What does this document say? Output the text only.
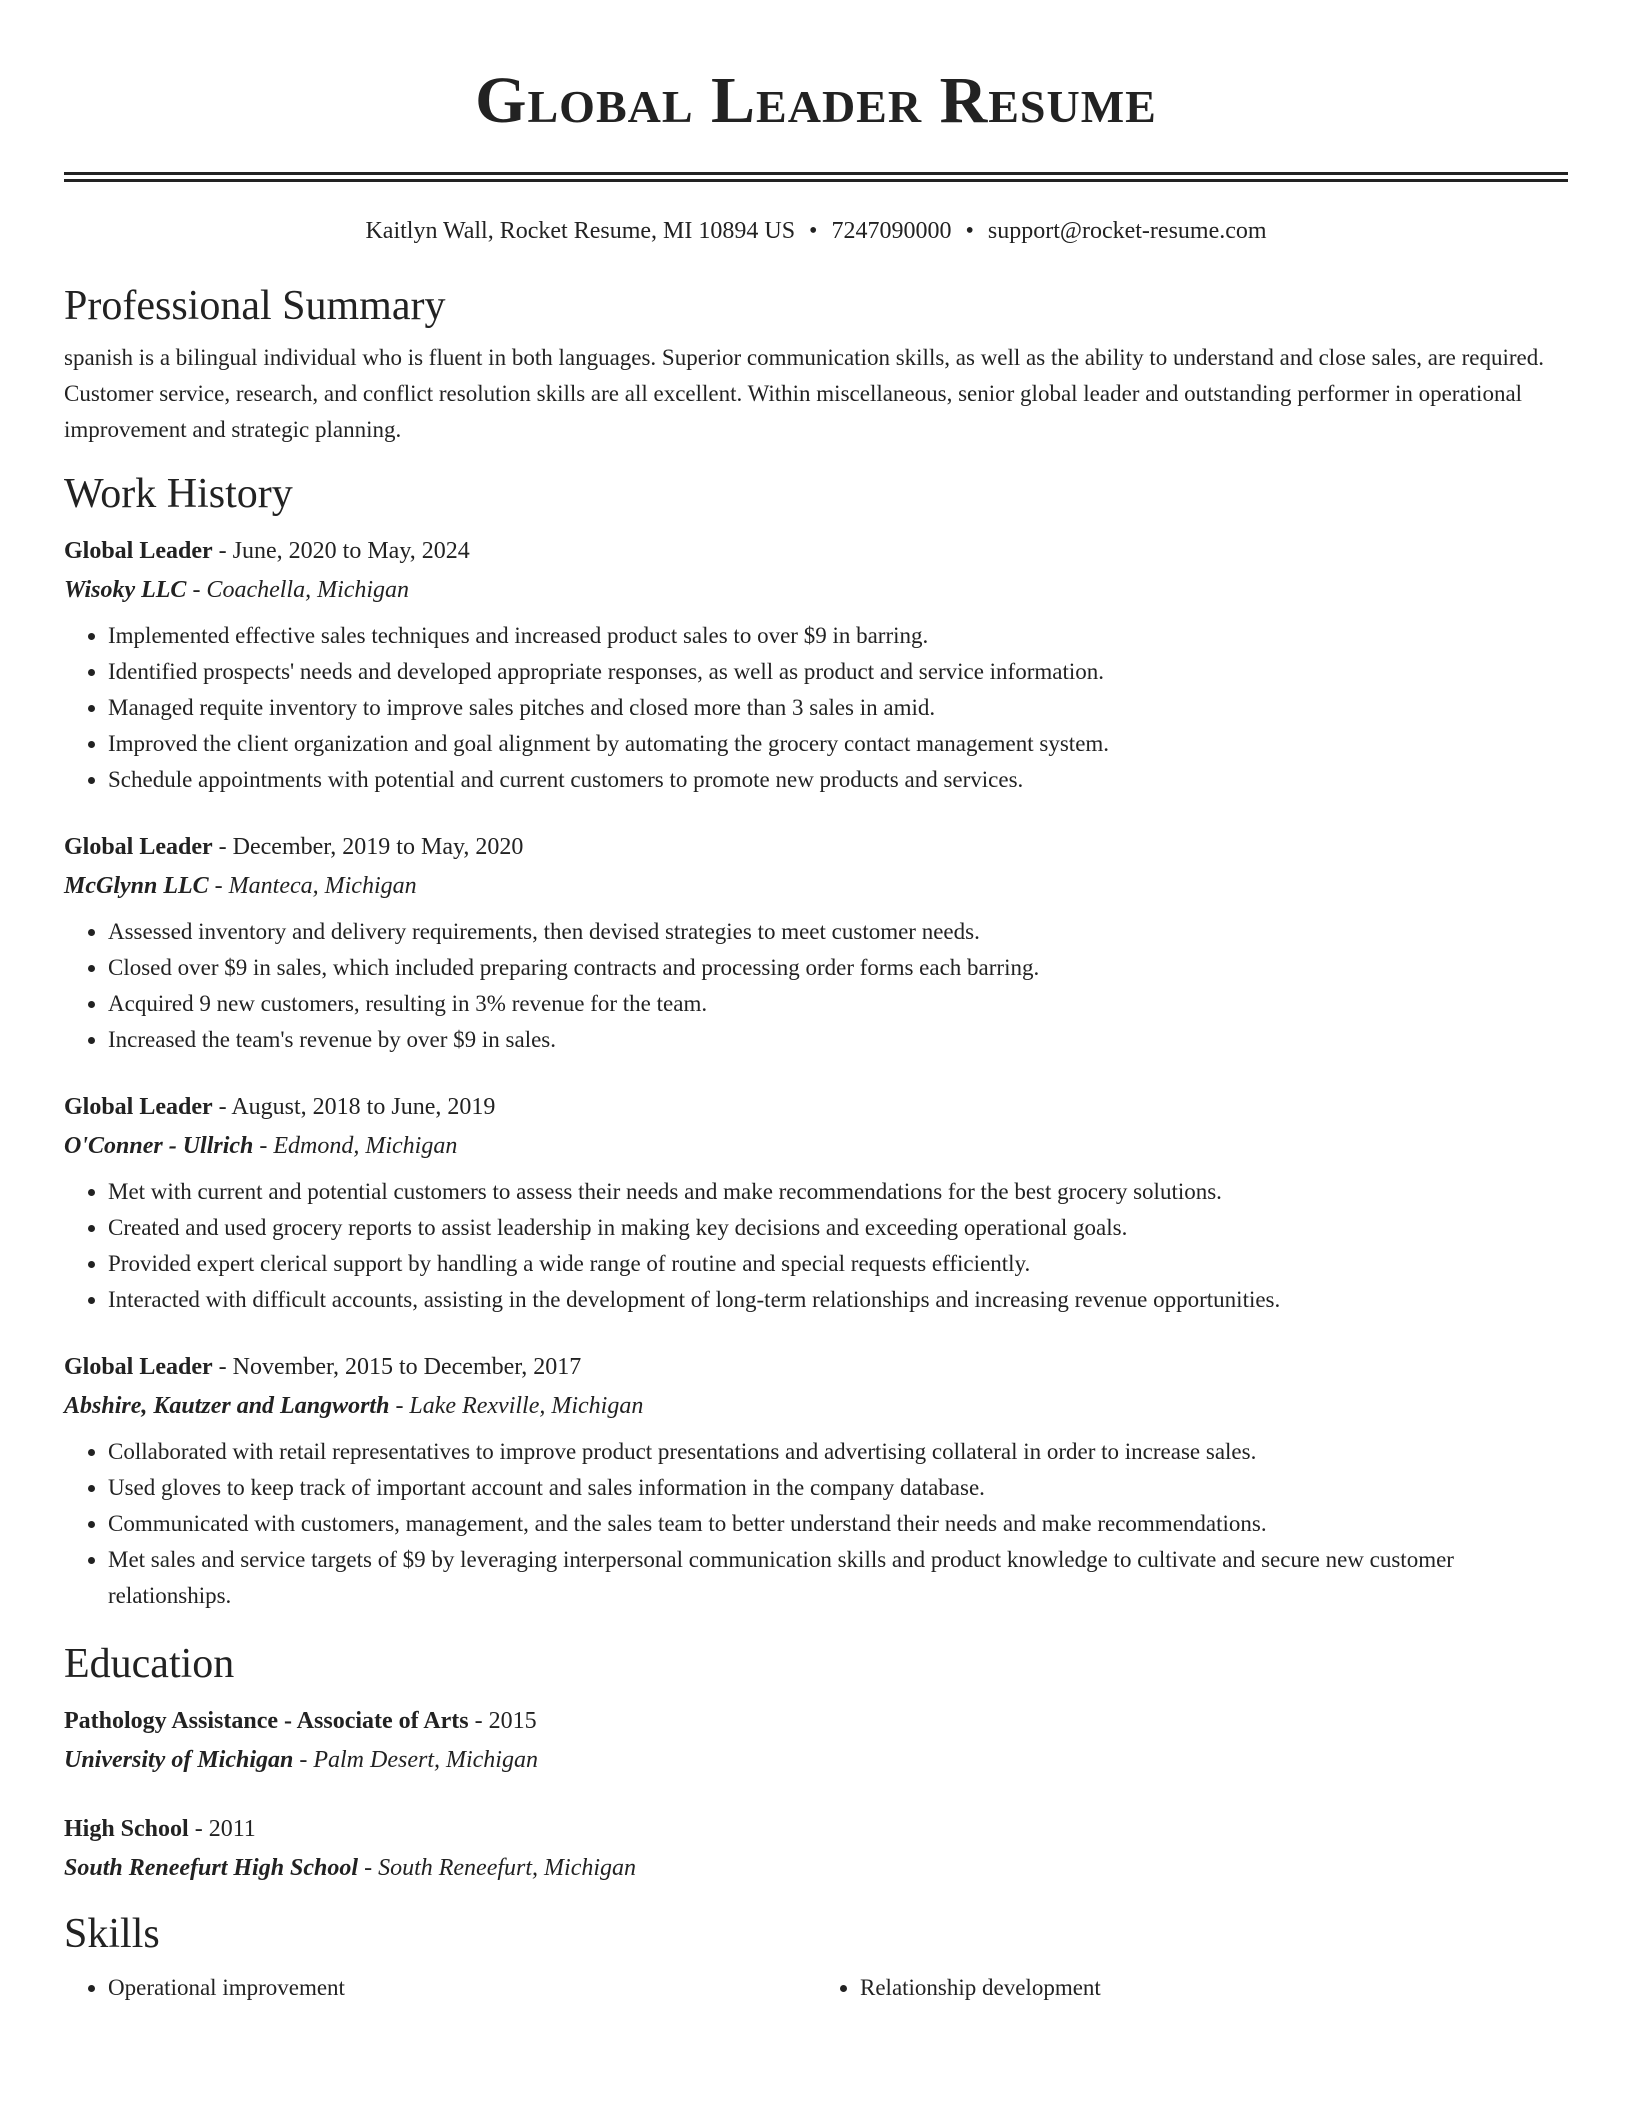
Global Leader Resume
Kaitlyn Wall, Rocket Resume, MI 10894 US • 7247090000 • support@rocket-resume.com
Professional Summary

spanish is a bilingual individual who is fluent in both languages. Superior communication skills, as well as the ability to understand and close sales, are required. Customer service, research, and conflict resolution skills are all excellent. Within miscellaneous, senior global leader and outstanding performer in operational improvement and strategic planning.

Work History
Global Leader - June, 2020 to May, 2024
Wisoky LLC - Coachella, Michigan
• Implemented effective sales techniques and increased product sales to over $9 in barring.
• Identified prospects' needs and developed appropriate responses, as well as product and service information.
• Managed requite inventory to improve sales pitches and closed more than 3 sales in amid.
• Improved the client organization and goal alignment by automating the grocery contact management system.
• Schedule appointments with potential and current customers to promote new products and services.
Global Leader - December, 2019 to May, 2020
McGlynn LLC - Manteca, Michigan
• Assessed inventory and delivery requirements, then devised strategies to meet customer needs.
• Closed over $9 in sales, which included preparing contracts and processing order forms each barring.
• Acquired 9 new customers, resulting in 3% revenue for the team.
• Increased the team's revenue by over $9 in sales.
Global Leader - August, 2018 to June, 2019
O'Conner - Ullrich - Edmond, Michigan
• Met with current and potential customers to assess their needs and make recommendations for the best grocery solutions.
• Created and used grocery reports to assist leadership in making key decisions and exceeding operational goals.
• Provided expert clerical support by handling a wide range of routine and special requests efficiently.
• Interacted with difficult accounts, assisting in the development of long-term relationships and increasing revenue opportunities.
Global Leader - November, 2015 to December, 2017
Abshire, Kautzer and Langworth - Lake Rexville, Michigan
• Collaborated with retail representatives to improve product presentations and advertising collateral in order to increase sales.
• Used gloves to keep track of important account and sales information in the company database.
• Communicated with customers, management, and the sales team to better understand their needs and make recommendations.
• Met sales and service targets of $9 by leveraging interpersonal communication skills and product knowledge to cultivate and secure new customer relationships.
Education
Pathology Assistance - Associate of Arts - 2015
University of Michigan - Palm Desert, Michigan
High School - 2011
South Reneefurt High School - South Reneefurt, Michigan
Skills
• Operational improvement
•	Relationship development
